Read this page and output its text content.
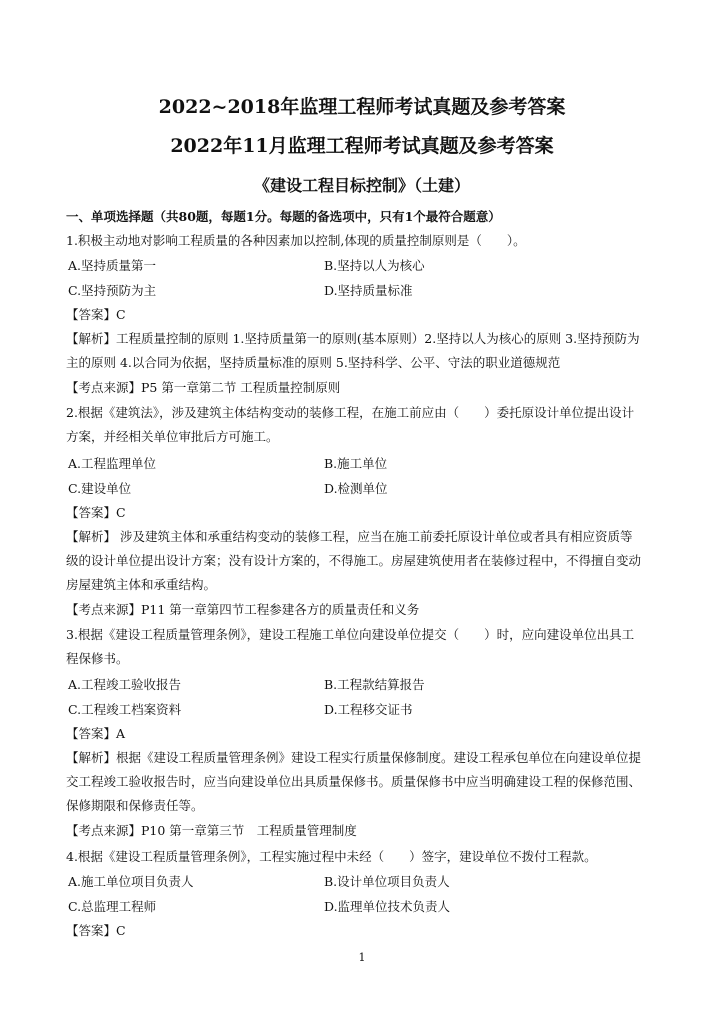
2022~2018年监理工程师考试真题及参考答案
2022年11月监理工程师考试真题及参考答案
《建设工程目标控制》（土建）
一、单项选择题（共80题，每题1分。每题的备选项中，只有1个最符合题意）
1.积极主动地对影响工程质量的各种因素加以控制,体现的质量控制原则是（　　）。
A.坚持质量第一	B.坚持以人为核心
C.坚持预防为主	D.坚持质量标准
【答案】C
【解析】工程质量控制的原则 1.坚持质量第一的原则(基本原则）2.坚持以人为核心的原则 3.坚持预防为
主的原则 4.以合同为依据，坚持质量标准的原则 5.坚持科学、公平、守法的职业道德规范
【考点来源】P5 第一章第二节 工程质量控制原则
2.根据《建筑法》，涉及建筑主体结构变动的装修工程，在施工前应由（　　）委托原设计单位提出设计
方案，并经相关单位审批后方可施工。
A.工程监理单位	B.施工单位
C.建设单位	D.检测单位
【答案】C
【解析】 涉及建筑主体和承重结构变动的装修工程，应当在施工前委托原设计单位或者具有相应资质等
级的设计单位提出设计方案；没有设计方案的，不得施工。房屋建筑使用者在装修过程中，不得擅自变动
房屋建筑主体和承重结构。
【考点来源】P11 第一章第四节工程参建各方的质量责任和义务
3.根据《建设工程质量管理条例》，建设工程施工单位向建设单位提交（　　）时，应向建设单位出具工
程保修书。
A.工程竣工验收报告	B.工程款结算报告
C.工程竣工档案资料	D.工程移交证书
【答案】A
【解析】根据《建设工程质量管理条例》建设工程实行质量保修制度。建设工程承包单位在向建设单位提
交工程竣工验收报告时，应当向建设单位出具质量保修书。质量保修书中应当明确建设工程的保修范围、
保修期限和保修责任等。
【考点来源】P10 第一章第三节　工程质量管理制度
4.根据《建设工程质量管理条例》，工程实施过程中未经（　　）签字，建设单位不拨付工程款。
A.施工单位项目负责人	B.设计单位项目负责人
C.总监理工程师	D.监理单位技术负责人
【答案】C
1
